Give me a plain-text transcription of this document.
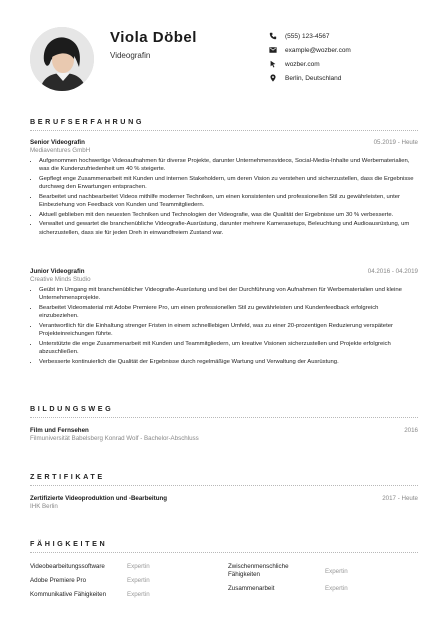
Viola Döbel
Videografin
(555) 123-4567
example@wozber.com
wozber.com
Berlin, Deutschland
BERUFSERFAHRUNG
Senior Videografin	05.2019 - Heute
Mediaventures GmbH
• Aufgenommen hochwertige Videoaufnahmen für diverse Projekte, darunter Unternehmensvideos, Social-Media-Inhalte und Werbematerialien, was die Kundenzufriedenheit um 40 % steigerte.
• Gepflegt enge Zusammenarbeit mit Kunden und internen Stakeholdern, um deren Vision zu verstehen und sicherzustellen, dass die Ergebnisse durchweg den Erwartungen entsprachen.
• Bearbeitet und nachbearbeitet Videos mithilfe moderner Techniken, um einen konsistenten und professionellen Stil zu gewährleisten, unter Einbeziehung von Feedback von Kunden und Teammitgliedern.
• Aktuell geblieben mit den neuesten Techniken und Technologien der Videografie, was die Qualität der Ergebnisse um 30 % verbesserte.
• Verwaltet und gewartet die branchenübliche Videografie-Ausrüstung, darunter mehrere Kamerasetups, Beleuchtung und Audioausrüstung, um sicherzustellen, dass sie für jeden Dreh in einwandfreiem Zustand war.
Junior Videografin	04.2016 - 04.2019
Creative Minds Studio
• Geübt im Umgang mit branchenüblicher Videografie-Ausrüstung und bei der Durchführung von Aufnahmen für Werbematerialien und kleine Unternehmensprojekte.
• Bearbeitet Videomaterial mit Adobe Premiere Pro, um einen professionellen Stil zu gewährleisten und Kundenfeedback erfolgreich einzubeziehen.
• Verantwortlich für die Einhaltung strenger Fristen in einem schnelllebigen Umfeld, was zu einer 20-prozentigen Reduzierung verspäteter Projekteinreichungen führte.
• Unterstützte die enge Zusammenarbeit mit Kunden und Teammitgliedern, um kreative Visionen sicherzustellen und Projekte erfolgreich abzuschließen.
• Verbesserte kontinuierlich die Qualität der Ergebnisse durch regelmäßige Wartung und Verwaltung der Ausrüstung.
BILDUNGSWEG
Film und Fernsehen	2016
Filmuniversität Babelsberg Konrad Wolf - Bachelor-Abschluss
ZERTIFIKATE
Zertifizierte Videoproduktion und -Bearbeitung	2017 - Heute
IHK Berlin
FÄHIGKEITEN
Videobearbeitungssoftware	Expertin
Adobe Premiere Pro	Expertin
Kommunikative Fähigkeiten	Expertin
Zwischenmenschliche Fähigkeiten	Expertin
Zusammenarbeit	Expertin
